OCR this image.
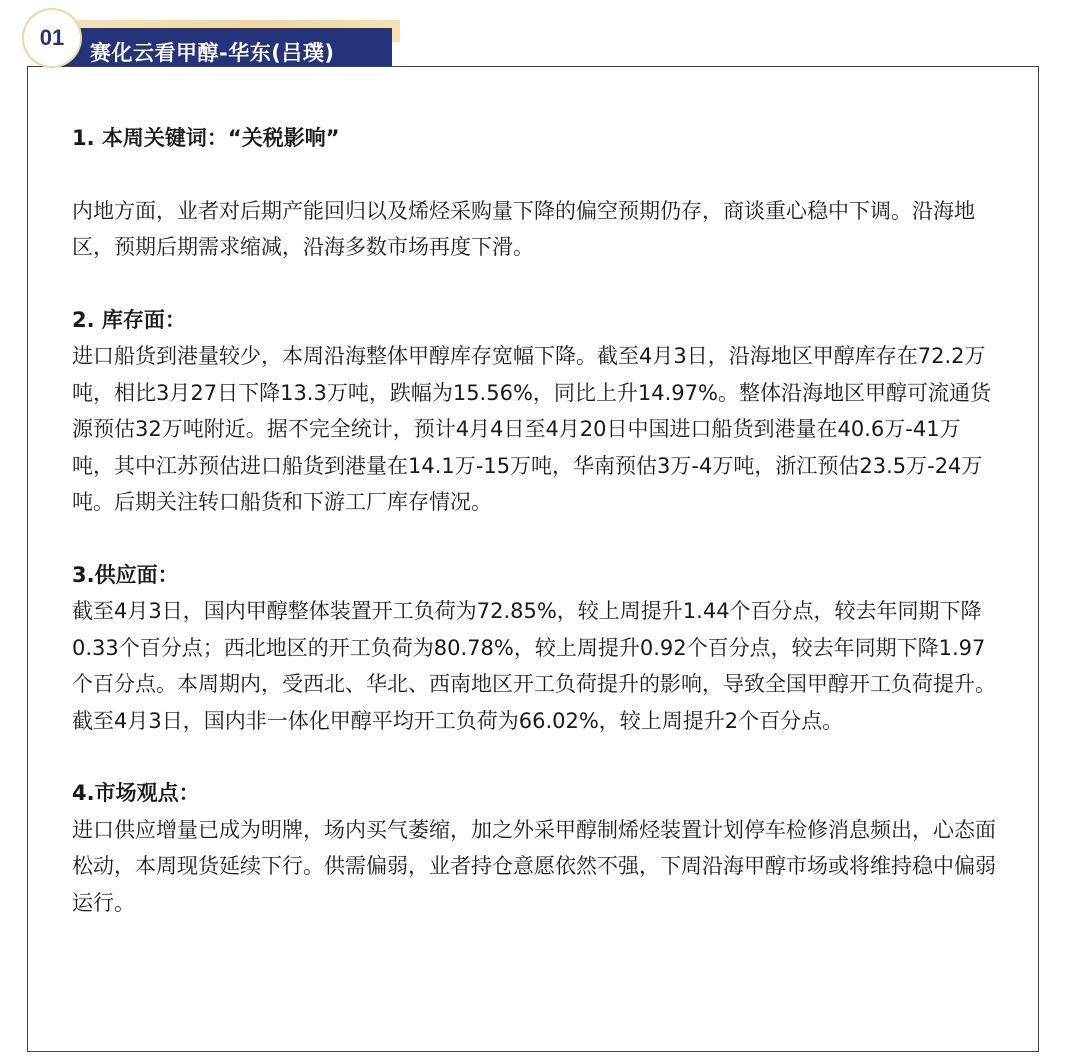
赛化云看甲醇-华东(吕璞)
01

1. 本周关键词：“关税影响”

内地方面，业者对后期产能回归以及烯烃采购量下降的偏空预期仍存，商谈重心稳中下调。沿海地区，预期后期需求缩减，沿海多数市场再度下滑。

2. 库存面：

进口船货到港量较少，本周沿海整体甲醇库存宽幅下降。截至4月3日，沿海地区甲醇库存在72.2万吨，相比3月27日下降13.3万吨，跌幅为15.56%，同比上升14.97%。整体沿海地区甲醇可流通货源预估32万吨附近。据不完全统计，预计4月4日至4月20日中国进口船货到港量在40.6万-41万吨，其中江苏预估进口船货到港量在14.1万-15万吨，华南预估3万-4万吨，浙江预估23.5万-24万吨。后期关注转口船货和下游工厂库存情况。

3.供应面：

截至4月3日，国内甲醇整体装置开工负荷为72.85%，较上周提升1.44个百分点，较去年同期下降0.33个百分点；西北地区的开工负荷为80.78%，较上周提升0.92个百分点，较去年同期下降1.97个百分点。本周期内，受西北、华北、西南地区开工负荷提升的影响，导致全国甲醇开工负荷提升。截至4月3日，国内非一体化甲醇平均开工负荷为66.02%，较上周提升2个百分点。

4.市场观点：

进口供应增量已成为明牌，场内买气萎缩，加之外采甲醇制烯烃装置计划停车检修消息频出，心态面松动，本周现货延续下行。供需偏弱，业者持仓意愿依然不强，下周沿海甲醇市场或将维持稳中偏弱运行。
